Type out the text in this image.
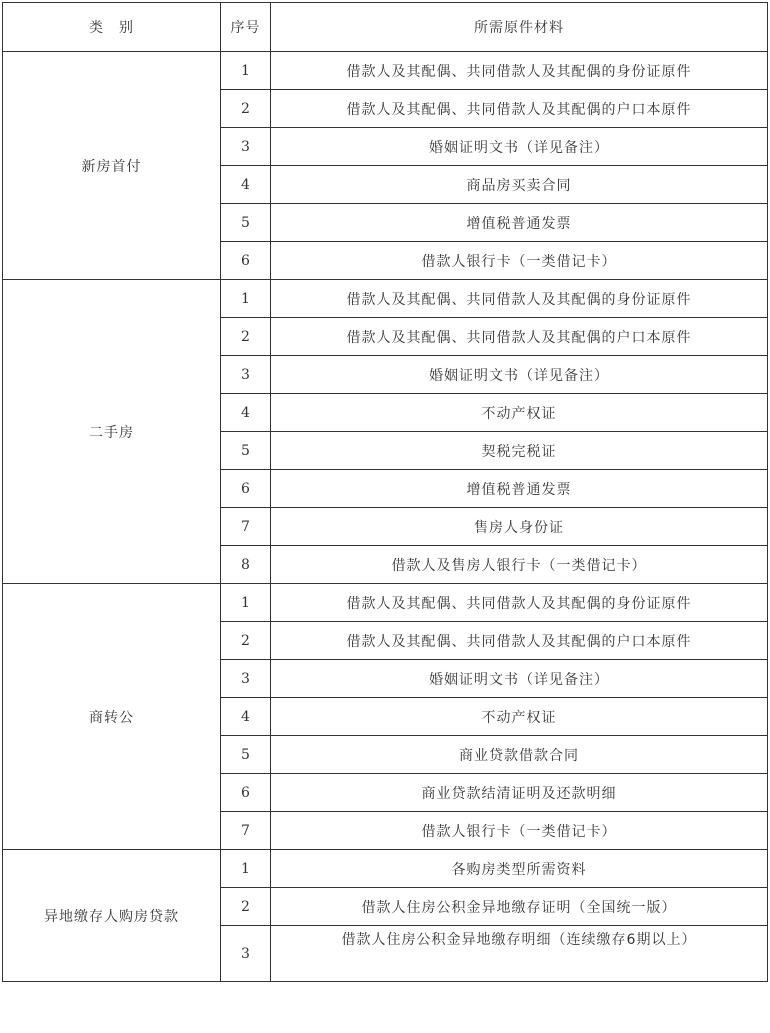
类　别	序号	所需原件材料
新房首付	1	借款人及其配偶、共同借款人及其配偶的身份证原件
	2	借款人及其配偶、共同借款人及其配偶的户口本原件
	3	婚姻证明文书（详见备注）
	4	商品房买卖合同
	5	增值税普通发票
	6	借款人银行卡（一类借记卡）
二手房	1	借款人及其配偶、共同借款人及其配偶的身份证原件
	2	借款人及其配偶、共同借款人及其配偶的户口本原件
	3	婚姻证明文书（详见备注）
	4	不动产权证
	5	契税完税证
	6	增值税普通发票
	7	售房人身份证
	8	借款人及售房人银行卡（一类借记卡）
商转公	1	借款人及其配偶、共同借款人及其配偶的身份证原件
	2	借款人及其配偶、共同借款人及其配偶的户口本原件
	3	婚姻证明文书（详见备注）
	4	不动产权证
	5	商业贷款借款合同
	6	商业贷款结清证明及还款明细
	7	借款人银行卡（一类借记卡）
异地缴存人购房贷款	1	各购房类型所需资料
	2	借款人住房公积金异地缴存证明（全国统一版）
	3	借款人住房公积金异地缴存明细（连续缴存6期以上）
